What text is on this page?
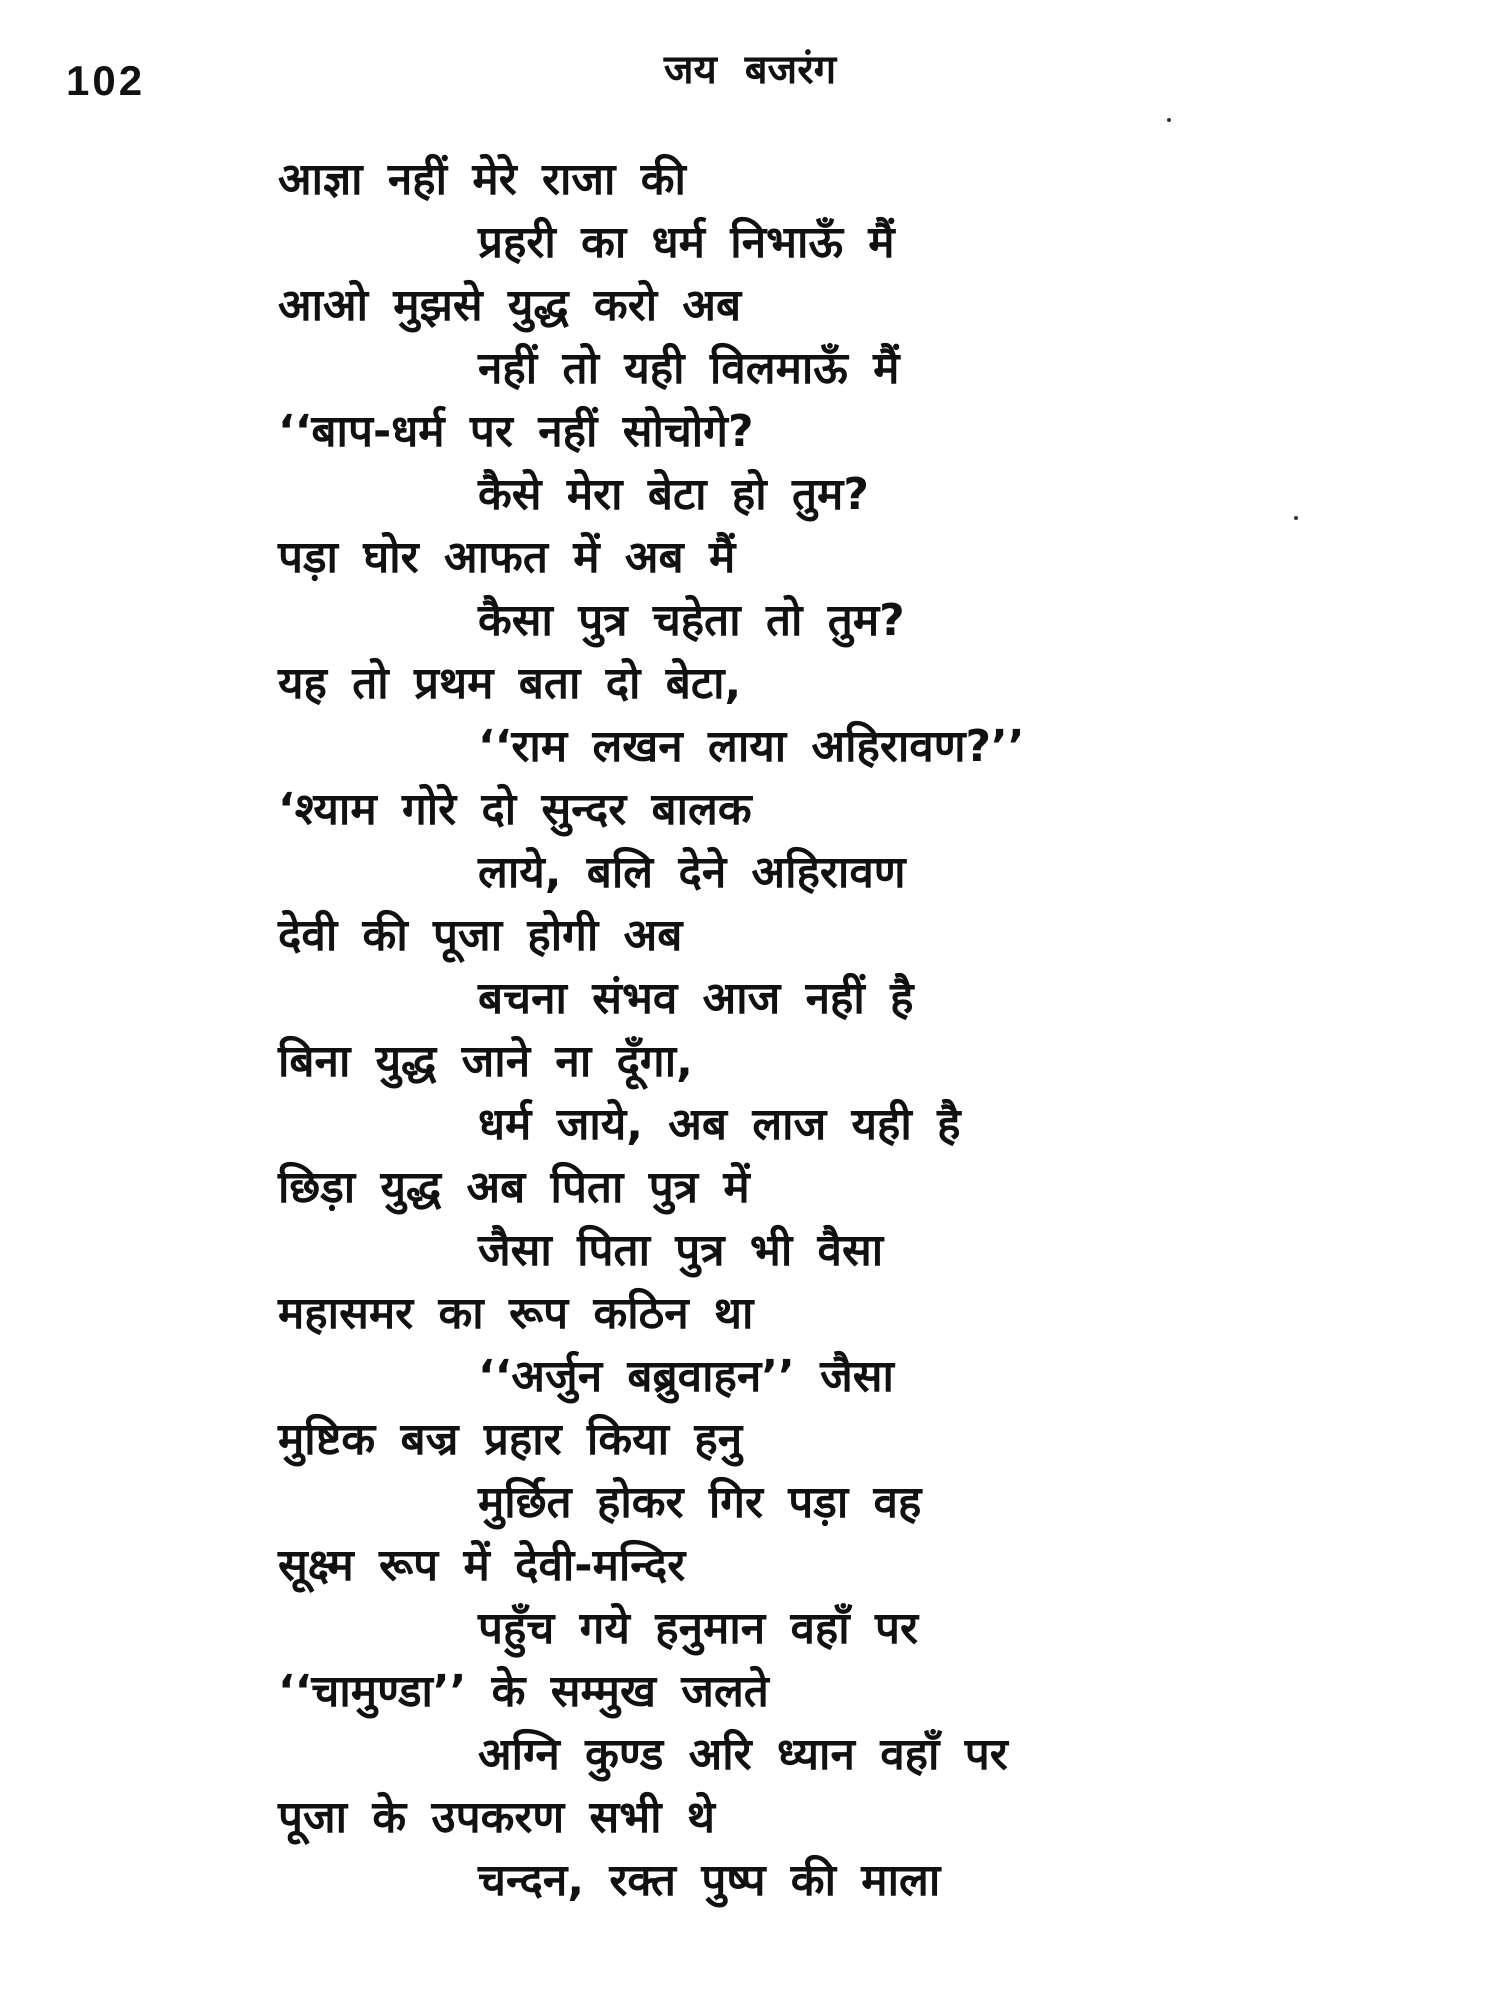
102	जय बजरंग
आज्ञा नहीं मेरे राजा की
प्रहरी का धर्म निभाऊँ मैं
आओ मुझसे युद्ध करो अब
नहीं तो यही विलमाऊँ मैं
‘‘बाप-धर्म पर नहीं सोचोगे?
कैसे मेरा बेटा हो तुम?
पड़ा घोर आफत में अब मैं
कैसा पुत्र चहेता तो तुम?
यह तो प्रथम बता दो बेटा,
‘‘राम लखन लाया अहिरावण?’’
‘श्याम गोरे दो सुन्दर बालक
लाये, बलि देने अहिरावण
देवी की पूजा होगी अब
बचना संभव आज नहीं है
बिना युद्ध जाने ना दूँगा,
धर्म जाये, अब लाज यही है
छिड़ा युद्ध अब पिता पुत्र में
जैसा पिता पुत्र भी वैसा
महासमर का रूप कठिन था
‘‘अर्जुन बब्रुवाहन’’ जैसा
मुष्टिक बज्र प्रहार किया हनु
मुर्छित होकर गिर पड़ा वह
सूक्ष्म रूप में देवी-मन्दिर
पहुँच गये हनुमान वहाँ पर
‘‘चामुण्डा’’ के सम्मुख जलते
अग्नि कुण्ड अरि ध्यान वहाँ पर
पूजा के उपकरण सभी थे
चन्दन, रक्त पुष्प की माला
